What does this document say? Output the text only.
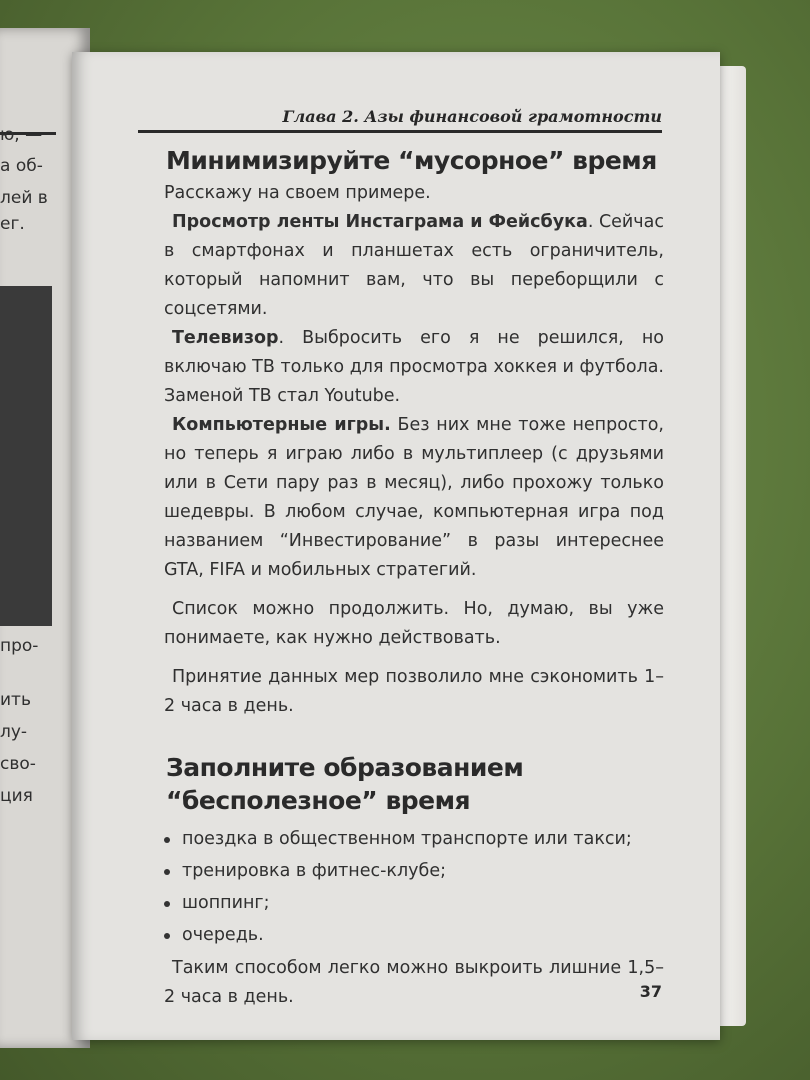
ю, —
а об-
лей в
ег.
про-
ить
лу-
сво-
ция
Глава 2. Азы финансовой грамотности
Минимизируйте “мусорное” время

Расскажу на своем примере.

Просмотр ленты Инстаграма и Фейсбука. Сейчас в смартфонах и планшетах есть ограничитель, который напомнит вам, что вы переборщили с соцсетями.

Телевизор. Выбросить его я не решился, но включаю ТВ только для просмотра хоккея и футбола. Заменой ТВ стал Youtube.

Компьютерные игры. Без них мне тоже непросто, но теперь я играю либо в мультиплеер (с друзьями или в Сети пару раз в месяц), либо прохожу только шедевры. В любом случае, компьютерная игра под названием “Инвестирование” в разы интереснее GTA, FIFA и мобильных стратегий.

Список можно продолжить. Но, думаю, вы уже понимаете, как нужно действовать.

Принятие данных мер позволило мне сэкономить 1–2 часа в день.

Заполните образованием “бесполезное” время
поездка в общественном транспорте или такси;
тренировка в фитнес-клубе;
шоппинг;
очередь.

Таким способом легко можно выкроить лишние 1,5–2 часа в день.	37
